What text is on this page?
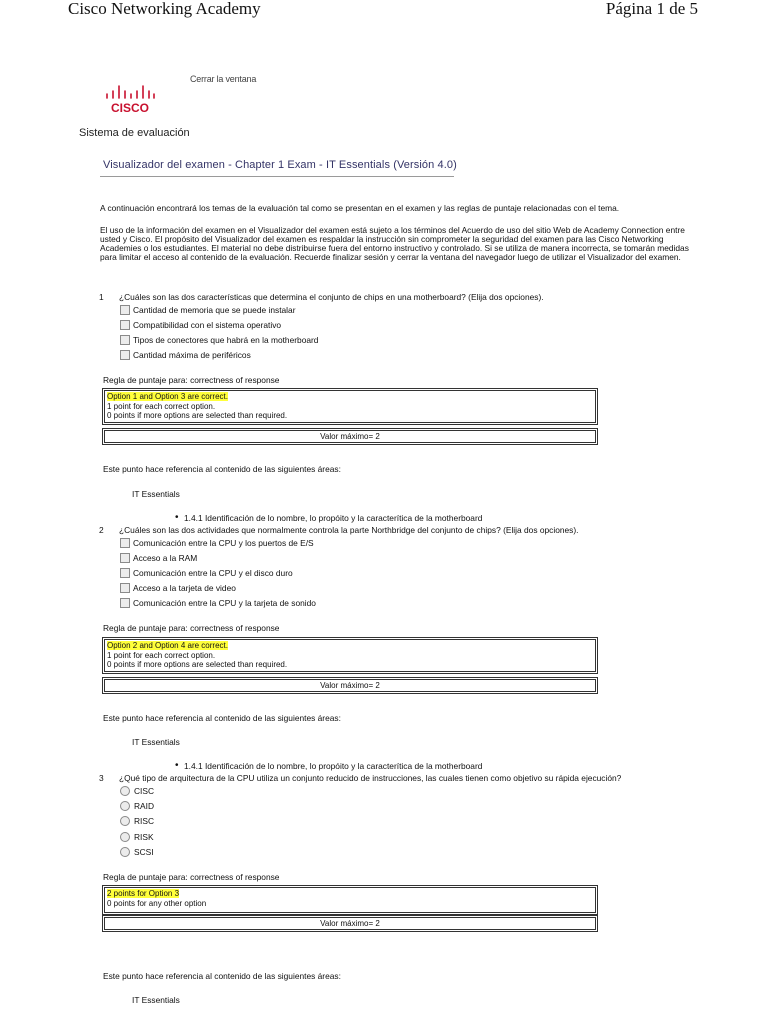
Cisco Networking Academy	Página 1 de 5
CISCO
Cerrar la ventana
Sistema de evaluación
Visualizador del examen - Chapter 1 Exam - IT Essentials (Versión 4.0)
A continuación encontrará los temas de la evaluación tal como se presentan en el examen y las reglas de puntaje relacionadas con el tema.
El uso de la información del examen en el Visualizador del examen está sujeto a los términos del Acuerdo de uso del sitio Web de Academy Connection entre usted y Cisco. El propósito del Visualizador del examen es respaldar la instrucción sin comprometer la seguridad del examen para las Cisco Networking Academies o los estudiantes. El material no debe distribuirse fuera del entorno instructivo y controlado. Si se utiliza de manera incorrecta, se tomarán medidas para limitar el acceso al contenido de la evaluación. Recuerde finalizar sesión y cerrar la ventana del navegador luego de utilizar el Visualizador del examen.
1 ¿Cuáles son las dos características que determina el conjunto de chips en una motherboard? (Elija dos opciones).
Cantidad de memoria que se puede instalar
Compatibilidad con el sistema operativo
Tipos de conectores que habrá en la motherboard
Cantidad máxima de periféricos
Regla de puntaje para: correctness of response
Option 1 and Option 3 are correct.
1 point for each correct option.
0 points if more options are selected than required.
Valor máximo= 2
Este punto hace referencia al contenido de las siguientes áreas:
IT Essentials
• 1.4.1 Identificación de lo nombre, lo propóito y la caracterítica de la motherboard
2 ¿Cuáles son las dos actividades que normalmente controla la parte Northbridge del conjunto de chips? (Elija dos opciones).
Comunicación entre la CPU y los puertos de E/S
Acceso a la RAM
Comunicación entre la CPU y el disco duro
Acceso a la tarjeta de video
Comunicación entre la CPU y la tarjeta de sonido
Regla de puntaje para: correctness of response
Option 2 and Option 4 are correct.
1 point for each correct option.
0 points if more options are selected than required.
Valor máximo= 2
Este punto hace referencia al contenido de las siguientes áreas:
IT Essentials
• 1.4.1 Identificación de lo nombre, lo propóito y la caracterítica de la motherboard
3 ¿Qué tipo de arquitectura de la CPU utiliza un conjunto reducido de instrucciones, las cuales tienen como objetivo su rápida ejecución?
CISC
RAID
RISC
RISK
SCSI
Regla de puntaje para: correctness of response
2 points for Option 3
0 points for any other option
Valor máximo= 2
Este punto hace referencia al contenido de las siguientes áreas:
IT Essentials
